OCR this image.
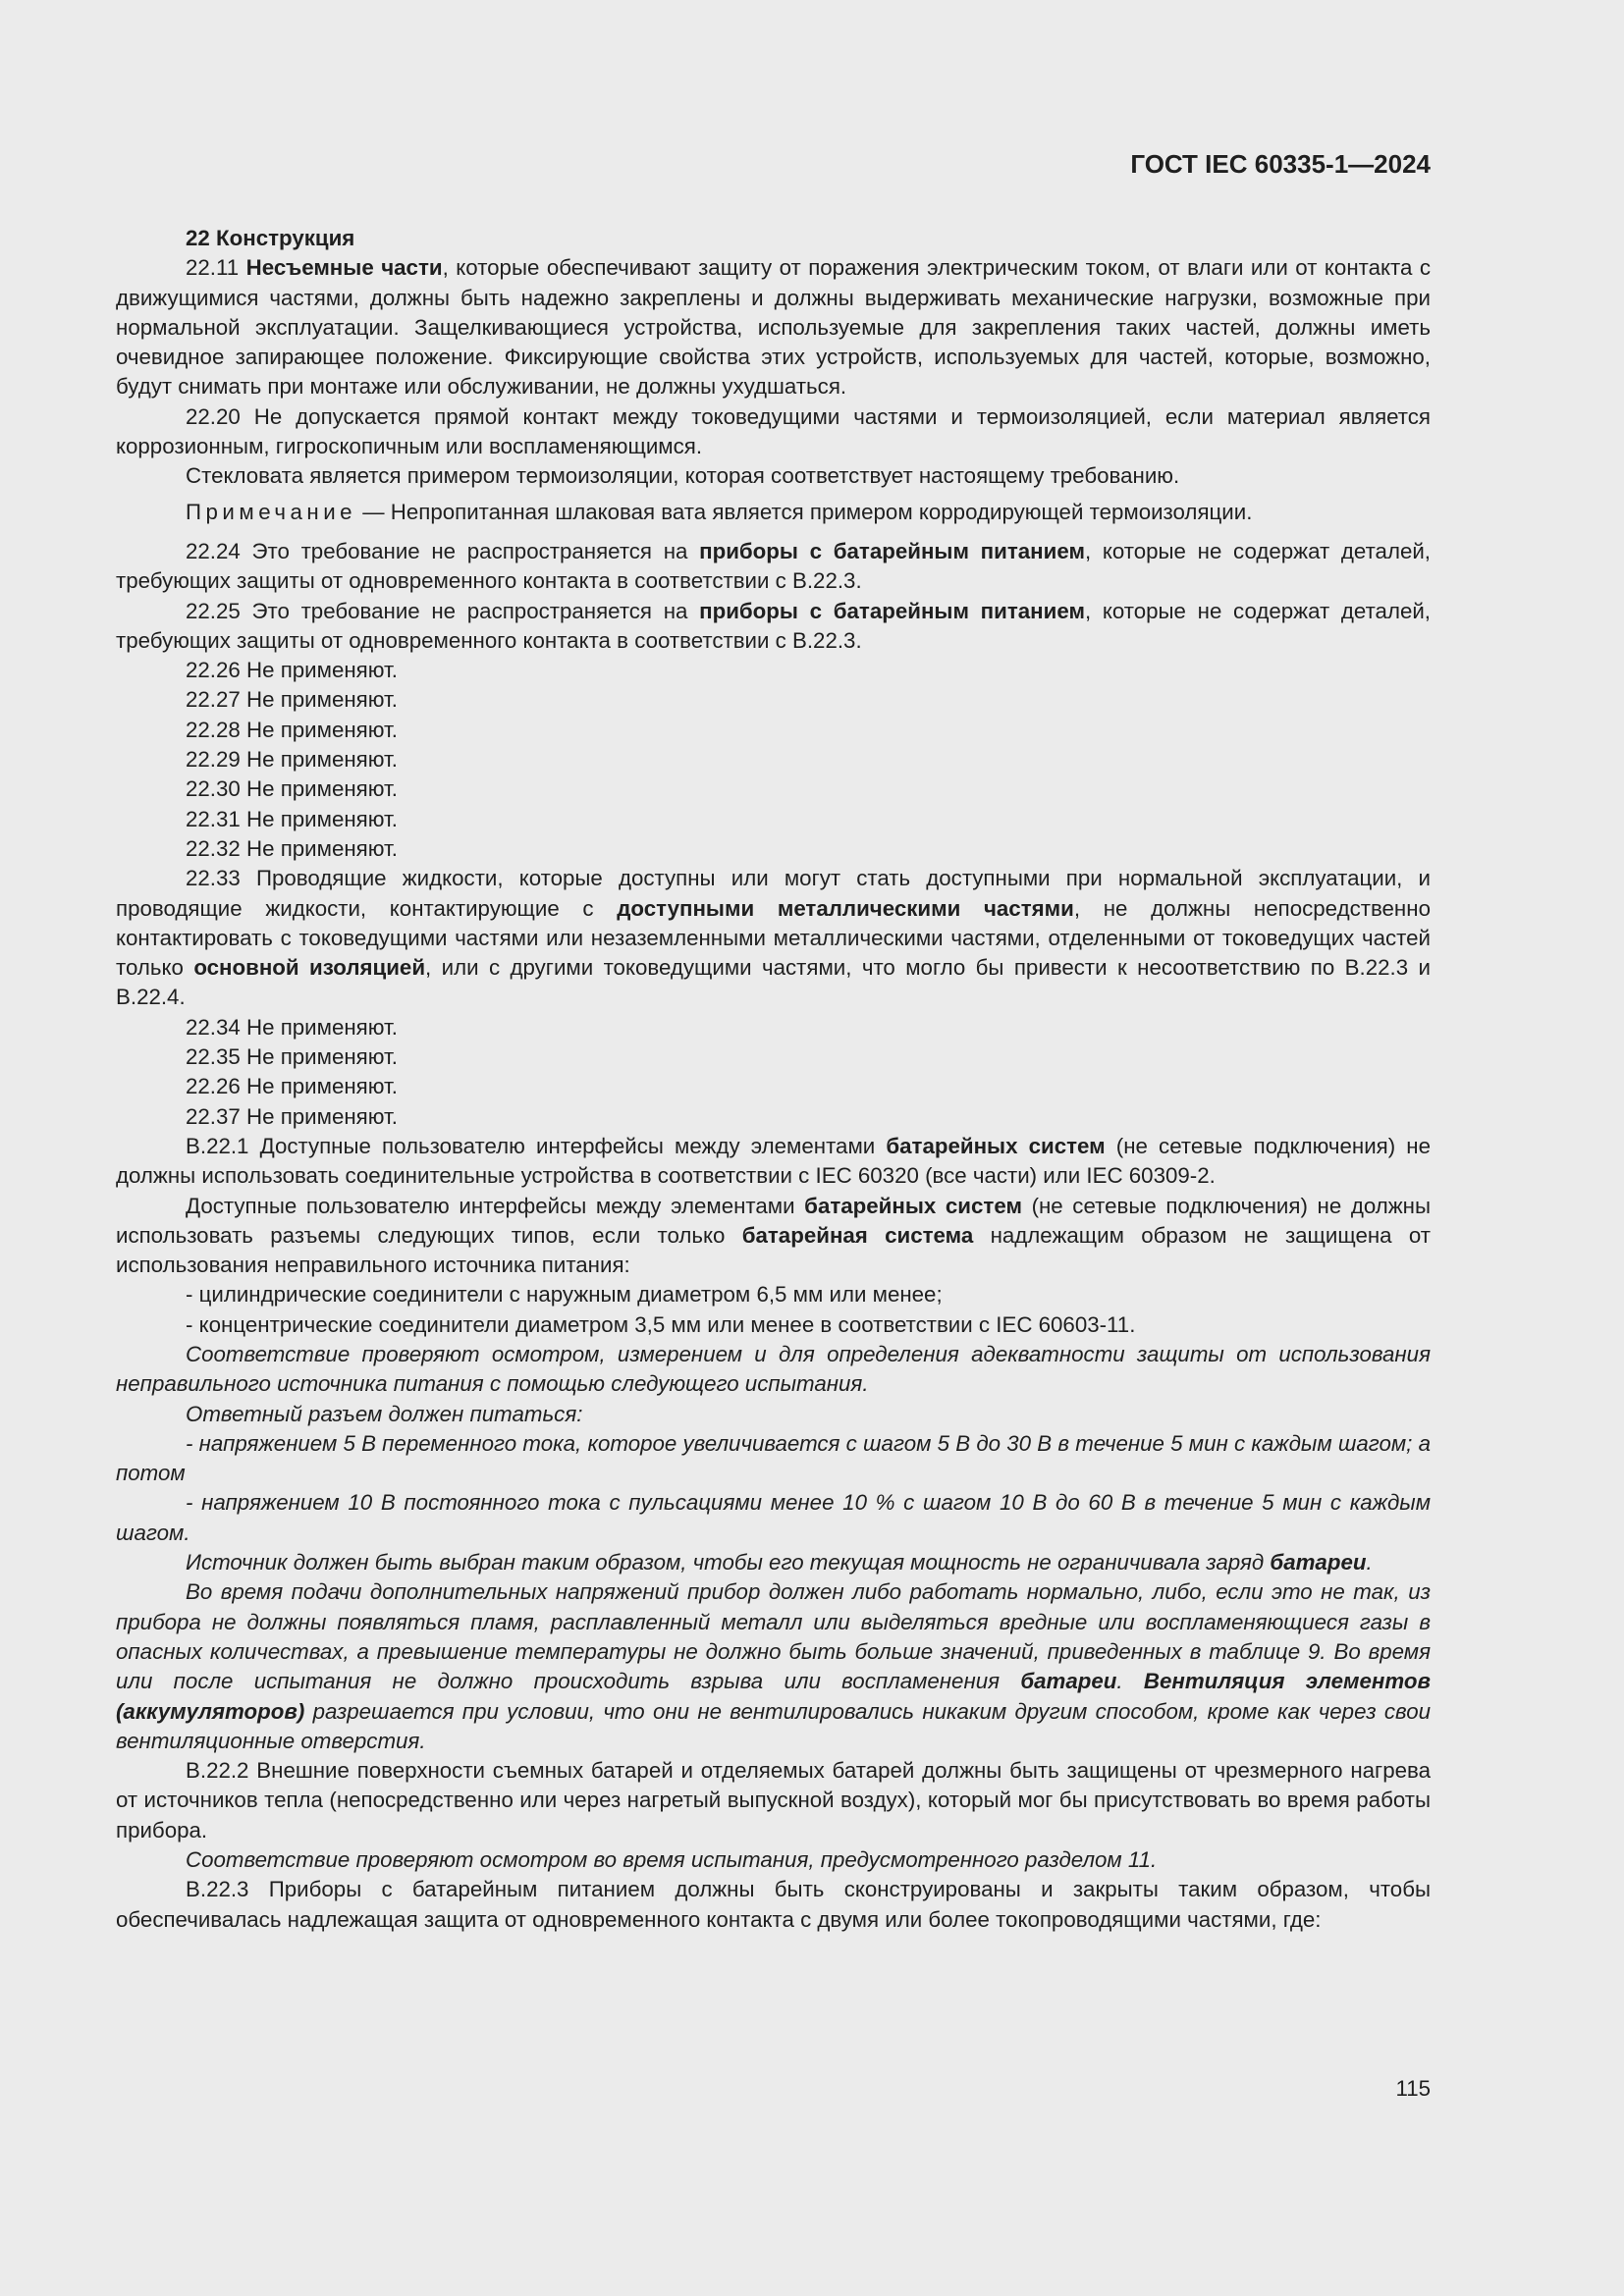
ГОСТ IEC 60335-1—2024

22 Конструкция

22.11 Несъемные части, которые обеспечивают защиту от поражения электрическим током, от влаги или от контакта с движущимися частями, должны быть надежно закреплены и должны выдерживать механические нагрузки, возможные при нормальной эксплуатации. Защелкивающиеся устройства, используемые для закрепления таких частей, должны иметь очевидное запирающее положение. Фиксирующие свойства этих устройств, используемых для частей, которые, возможно, будут снимать при монтаже или обслуживании, не должны ухудшаться.

22.20 Не допускается прямой контакт между токоведущими частями и термоизоляцией, если материал является коррозионным, гигроскопичным или воспламеняющимся.

Стекловата является примером термоизоляции, которая соответствует настоящему требованию.

Примечание — Непропитанная шлаковая вата является примером корродирующей термоизоляции.

22.24 Это требование не распространяется на приборы с батарейным питанием, которые не содержат деталей, требующих защиты от одновременного контакта в соответствии с В.22.3.

22.25 Это требование не распространяется на приборы с батарейным питанием, которые не содержат деталей, требующих защиты от одновременного контакта в соответствии с В.22.3.

22.26 Не применяют.

22.27 Не применяют.

22.28 Не применяют.

22.29 Не применяют.

22.30 Не применяют.

22.31 Не применяют.

22.32 Не применяют.

22.33 Проводящие жидкости, которые доступны или могут стать доступными при нормальной эксплуатации, и проводящие жидкости, контактирующие с доступными металлическими частями, не должны непосредственно контактировать с токоведущими частями или незаземленными металлическими частями, отделенными от токоведущих частей только основной изоляцией, или с другими токоведущими частями, что могло бы привести к несоответствию по В.22.3 и В.22.4.

22.34 Не применяют.

22.35 Не применяют.

22.26 Не применяют.

22.37 Не применяют.

В.22.1 Доступные пользователю интерфейсы между элементами батарейных систем (не сетевые подключения) не должны использовать соединительные устройства в соответствии с IEC 60320 (все части) или IEC 60309-2.

Доступные пользователю интерфейсы между элементами батарейных систем (не сетевые подключения) не должны использовать разъемы следующих типов, если только батарейная система надлежащим образом не защищена от использования неправильного источника питания:

- цилиндрические соединители с наружным диаметром 6,5 мм или менее;

- концентрические соединители диаметром 3,5 мм или менее в соответствии с IEC 60603-11.

Соответствие проверяют осмотром, измерением и для определения адекватности защиты от использования неправильного источника питания с помощью следующего испытания.

Ответный разъем должен питаться:

- напряжением 5 В переменного тока, которое увеличивается с шагом 5 В до 30 В в течение 5 мин с каждым шагом; а потом

- напряжением 10 В постоянного тока с пульсациями менее 10 % с шагом 10 В до 60 В в течение 5 мин с каждым шагом.

Источник должен быть выбран таким образом, чтобы его текущая мощность не ограничивала заряд батареи.

Во время подачи дополнительных напряжений прибор должен либо работать нормально, либо, если это не так, из прибора не должны появляться пламя, расплавленный металл или выделяться вредные или воспламеняющиеся газы в опасных количествах, а превышение температуры не должно быть больше значений, приведенных в таблице 9. Во время или после испытания не должно происходить взрыва или воспламенения батареи. Вентиляция элементов (аккумуляторов) разрешается при условии, что они не вентилировались никаким другим способом, кроме как через свои вентиляционные отверстия.

В.22.2 Внешние поверхности съемных батарей и отделяемых батарей должны быть защищены от чрезмерного нагрева от источников тепла (непосредственно или через нагретый выпускной воздух), который мог бы присутствовать во время работы прибора.

Соответствие проверяют осмотром во время испытания, предусмотренного разделом 11.

В.22.3 Приборы с батарейным питанием должны быть сконструированы и закрыты таким образом, чтобы обеспечивалась надлежащая защита от одновременного контакта с двумя или более токопроводящими частями, где:

115
